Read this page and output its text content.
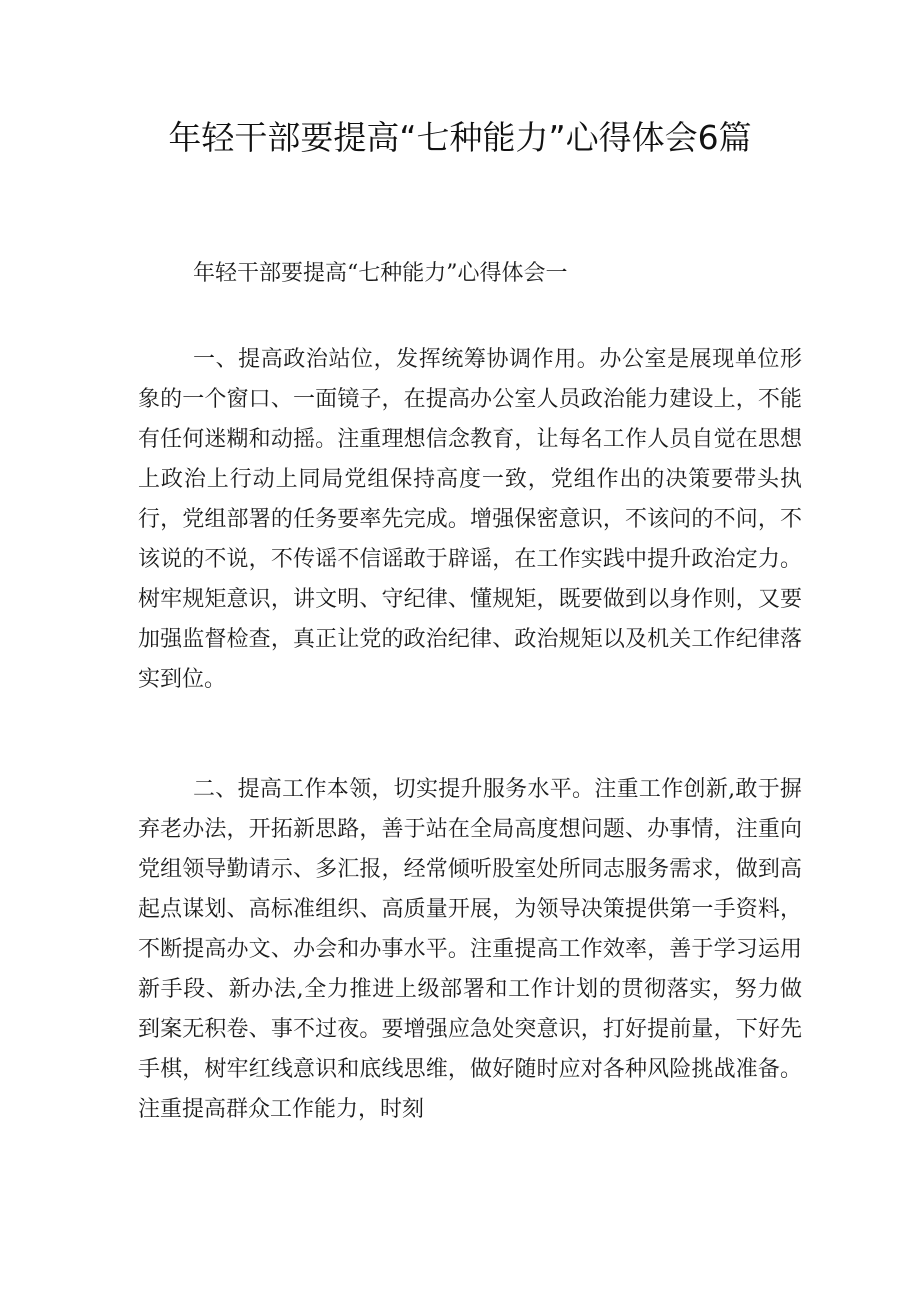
年轻干部要提高“七种能力”心得体会6篇

年轻干部要提高“七种能力”心得体会一

一、提高政治站位，发挥统筹协调作用。办公室是展现单位形象的一个窗口、一面镜子，在提高办公室人员政治能力建设上，不能有任何迷糊和动摇。注重理想信念教育，让每名工作人员自觉在思想上政治上行动上同局党组保持高度一致，党组作出的决策要带头执行，党组部署的任务要率先完成。增强保密意识，不该问的不问，不该说的不说，不传谣不信谣敢于辟谣，在工作实践中提升政治定力。树牢规矩意识，讲文明、守纪律、懂规矩，既要做到以身作则，又要加强监督检查，真正让党的政治纪律、政治规矩以及机关工作纪律落实到位。

二、提高工作本领，切实提升服务水平。注重工作创新,敢于摒弃老办法，开拓新思路，善于站在全局高度想问题、办事情，注重向党组领导勤请示、多汇报，经常倾听股室处所同志服务需求，做到高起点谋划、高标准组织、高质量开展，为领导决策提供第一手资料，不断提高办文、办会和办事水平。注重提高工作效率，善于学习运用新手段、新办法,全力推进上级部署和工作计划的贯彻落实，努力做到案无积卷、事不过夜。要增强应急处突意识，打好提前量，下好先手棋，树牢红线意识和底线思维，做好随时应对各种风险挑战准备。注重提高群众工作能力，时刻
